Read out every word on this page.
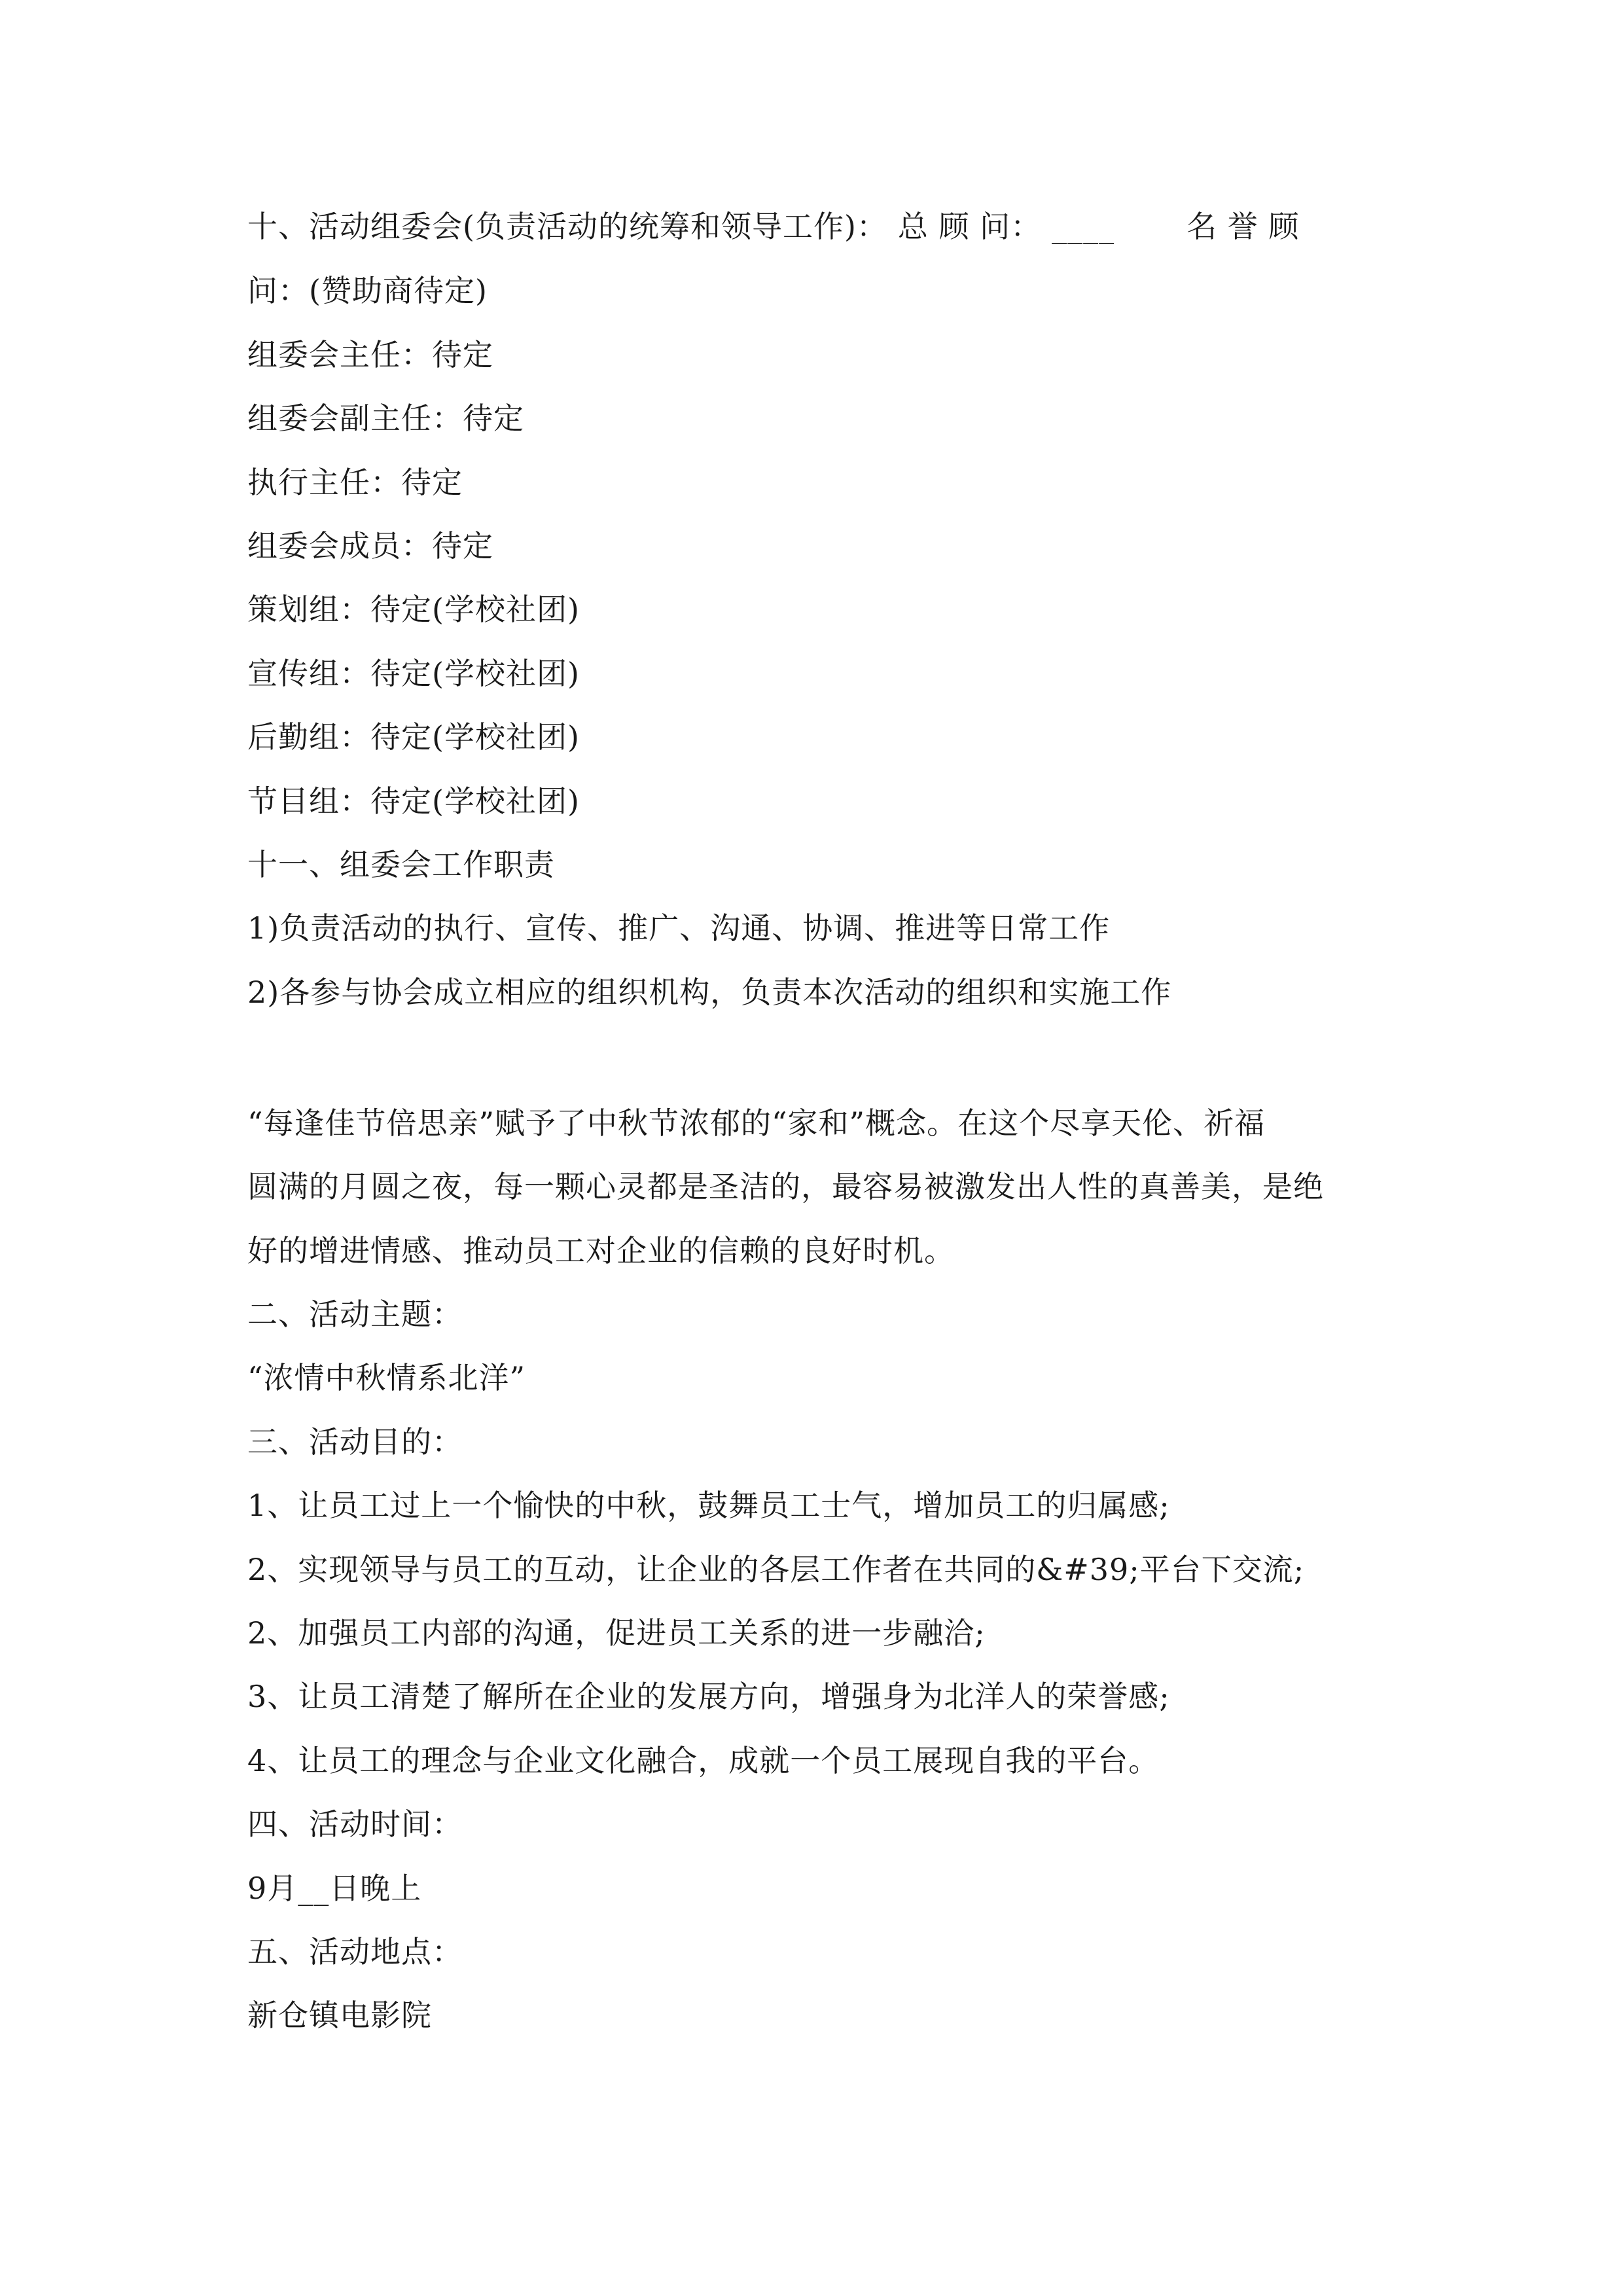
十、活动组委会(负责活动的统筹和领导工作)： 总 顾 问： ____ 名 誉 顾
问：(赞助商待定)
组委会主任：待定
组委会副主任：待定
执行主任：待定
组委会成员：待定
策划组：待定(学校社团)
宣传组：待定(学校社团)
后勤组：待定(学校社团)
节目组：待定(学校社团)
十一、组委会工作职责
1)负责活动的执行、宣传、推广、沟通、协调、推进等日常工作
2)各参与协会成立相应的组织机构，负责本次活动的组织和实施工作
“每逢佳节倍思亲”赋予了中秋节浓郁的“家和”概念。在这个尽享天伦、祈福
圆满的月圆之夜，每一颗心灵都是圣洁的，最容易被激发出人性的真善美，是绝
好的增进情感、推动员工对企业的信赖的良好时机。
二、活动主题：
“浓情中秋情系北洋”
三、活动目的：
1、让员工过上一个愉快的中秋，鼓舞员工士气，增加员工的归属感;
2、实现领导与员工的互动，让企业的各层工作者在共同的&#39;平台下交流;
2、加强员工内部的沟通，促进员工关系的进一步融洽;
3、让员工清楚了解所在企业的发展方向，增强身为北洋人的荣誉感;
4、让员工的理念与企业文化融合，成就一个员工展现自我的平台。
四、活动时间：
9月__日晚上
五、活动地点：
新仓镇电影院
